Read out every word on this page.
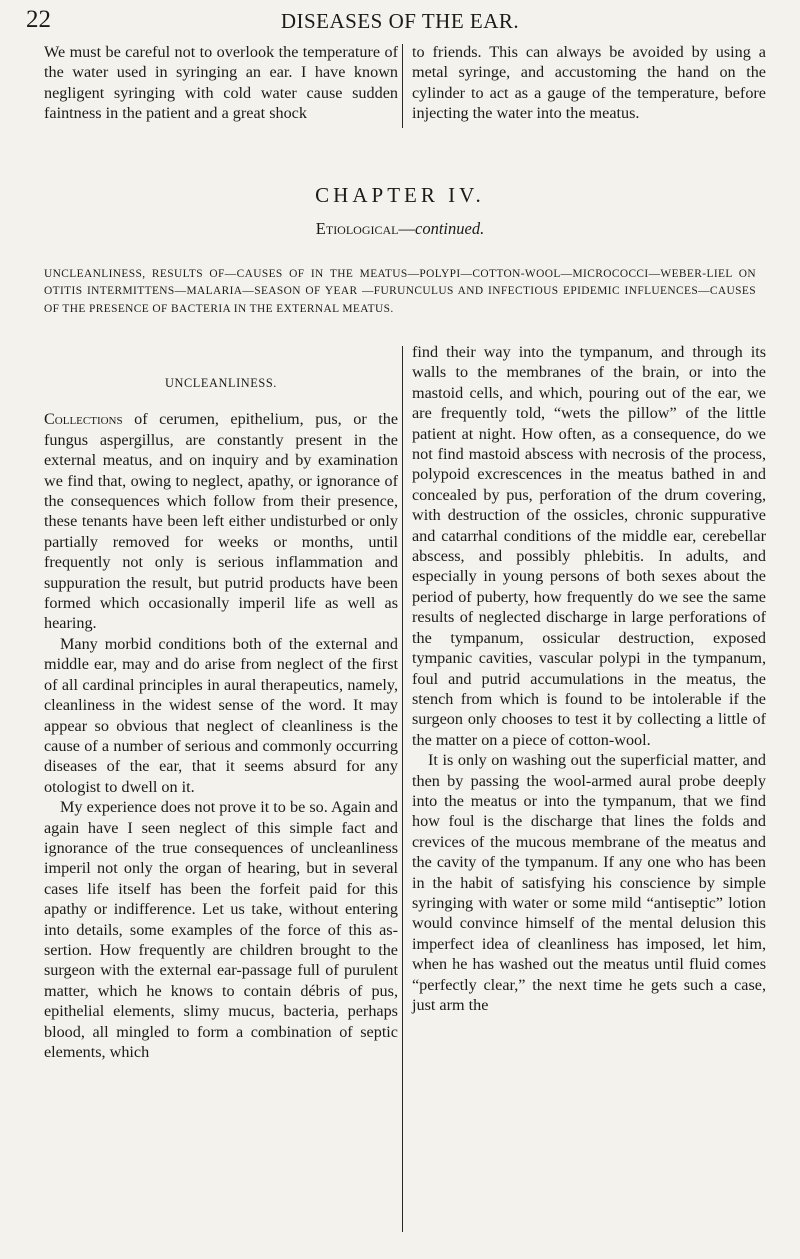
22	DISEASES OF THE EAR.

We must be careful not to overlook the temperature of the water used in syringing an ear. I have known negligent syringing with cold water cause sudden faintness in the patient and a great shock

to friends. This can always be avoided by using a metal syringe, and accustoming the hand on the cylinder to act as a gauge of the temperature, before injecting the water into the meatus.

CHAPTER IV.
Etiological—continued.
UNCLEANLINESS, RESULTS OF—CAUSES OF IN THE MEATUS—POLYPI—COTTON-WOOL—MICROCOCCI—WEBER-LIEL ON OTITIS INTERMITTENS—MALARIA—SEASON OF YEAR —FURUNCULUS AND INFECTIOUS EPIDEMIC INFLUENCES—CAUSES OF THE PRESENCE OF BACTERIA IN THE EXTERNAL MEATUS.
UNCLEANLINESS.

Collections of cerumen, epithelium, pus, or the fungus aspergillus, are constantly present in the external meatus, and on inquiry and by examination we find that, owing to neglect, apathy, or ignorance of the consequences which follow from their presence, these tenants have been left either undisturbed or only partially removed for weeks or months, until frequently not only is serious inflammation and suppuration the result, but putrid products have been formed which occasionally imperil life as well as hearing.

Many morbid conditions both of the external and middle ear, may and do arise from neglect of the first of all cardinal principles in aural therapeutics, namely, cleanliness in the widest sense of the word. It may appear so obvious that neglect of cleanliness is the cause of a number of serious and commonly occurring diseases of the ear, that it seems absurd for any otologist to dwell on it.

My experience does not prove it to be so. Again and again have I seen neglect of this simple fact and ignorance of the true consequences of uncleanliness imperil not only the organ of hearing, but in several cases life itself has been the forfeit paid for this apathy or indifference. Let us take, without entering into details, some examples of the force of this assertion. How frequently are children brought to the surgeon with the external ear-passage full of purulent matter, which he knows to contain débris of pus, epithelial elements, slimy mucus, bacteria, perhaps blood, all mingled to form a combination of septic elements, which

find their way into the tympanum, and through its walls to the membranes of the brain, or into the mastoid cells, and which, pouring out of the ear, we are frequently told, “wets the pillow” of the little patient at night. How often, as a consequence, do we not find mastoid abscess with necrosis of the process, polypoid excrescences in the meatus bathed in and concealed by pus, perforation of the drum covering, with destruction of the ossicles, chronic suppurative and catarrhal conditions of the middle ear, cerebellar abscess, and possibly phlebitis. In adults, and especially in young persons of both sexes about the period of puberty, how frequently do we see the same results of neglected discharge in large perforations of the tympanum, ossicular destruction, exposed tympanic cavities, vascular polypi in the tympanum, foul and putrid accumulations in the meatus, the stench from which is found to be intolerable if the surgeon only chooses to test it by collecting a little of the matter on a piece of cotton-wool.

It is only on washing out the superficial matter, and then by passing the wool-armed aural probe deeply into the meatus or into the tympanum, that we find how foul is the discharge that lines the folds and crevices of the mucous membrane of the meatus and the cavity of the tympanum. If any one who has been in the habit of satisfying his conscience by simple syringing with water or some mild “antiseptic” lotion would convince himself of the mental delusion this imperfect idea of cleanliness has imposed, let him, when he has washed out the meatus until fluid comes “perfectly clear,” the next time he gets such a case, just arm the
